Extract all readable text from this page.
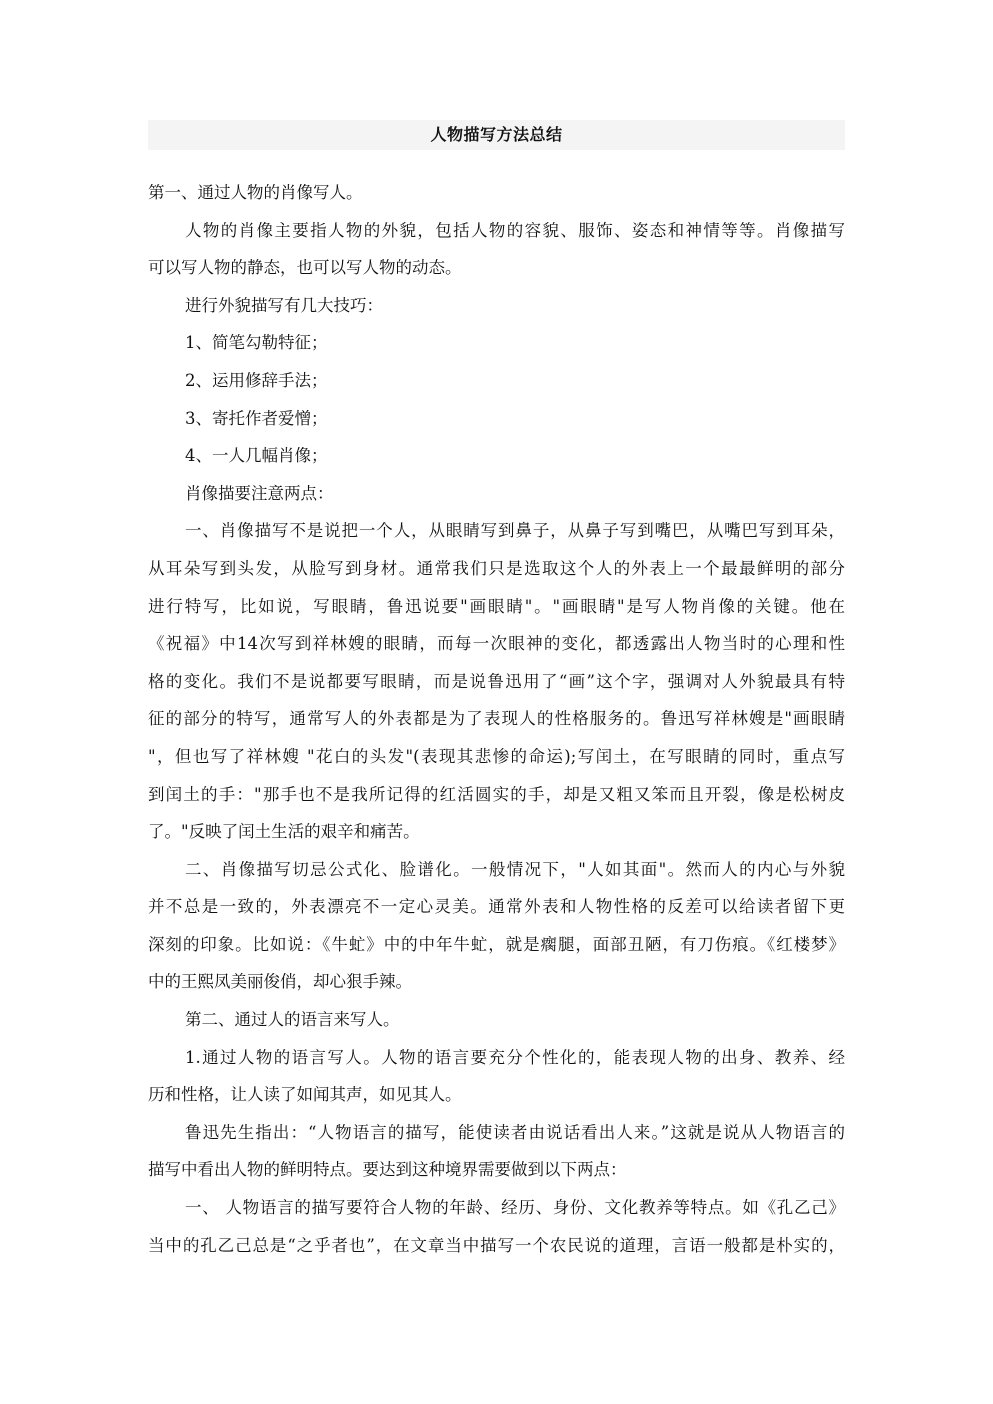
人物描写方法总结
第一、通过人物的肖像写人。
人物的肖像主要指人物的外貌，包括人物的容貌、服饰、姿态和神情等等。肖像描写
可以写人物的静态，也可以写人物的动态。
进行外貌描写有几大技巧：
1、简笔勾勒特征；
2、运用修辞手法；
3、寄托作者爱憎；
4、一人几幅肖像；
肖像描要注意两点：
一、肖像描写不是说把一个人，从眼睛写到鼻子，从鼻子写到嘴巴，从嘴巴写到耳朵，
从耳朵写到头发，从脸写到身材。通常我们只是选取这个人的外表上一个最最鲜明的部分
进行特写，比如说，写眼睛，鲁迅说要"画眼睛"。"画眼睛"是写人物肖像的关键。他在
《祝福》中14次写到祥林嫂的眼睛，而每一次眼神的变化，都透露出人物当时的心理和性
格的变化。我们不是说都要写眼睛，而是说鲁迅用了“画”这个字，强调对人外貌最具有特
征的部分的特写，通常写人的外表都是为了表现人的性格服务的。鲁迅写祥林嫂是"画眼睛
"，但也写了祥林嫂 "花白的头发"(表现其悲惨的命运);写闰土，在写眼睛的同时，重点写
到闰土的手："那手也不是我所记得的红活圆实的手，却是又粗又笨而且开裂，像是松树皮
了。"反映了闰土生活的艰辛和痛苦。
二、肖像描写切忌公式化、脸谱化。一般情况下，"人如其面"。然而人的内心与外貌
并不总是一致的，外表漂亮不一定心灵美。通常外表和人物性格的反差可以给读者留下更
深刻的印象。比如说：《牛虻》中的中年牛虻，就是瘸腿，面部丑陋，有刀伤痕。《红楼梦》
中的王熙凤美丽俊俏，却心狠手辣。
第二、通过人的语言来写人。
1.通过人物的语言写人。人物的语言要充分个性化的，能表现人物的出身、教养、经
历和性格，让人读了如闻其声，如见其人。
鲁迅先生指出：“人物语言的描写，能使读者由说话看出人来。”这就是说从人物语言的
描写中看出人物的鲜明特点。要达到这种境界需要做到以下两点：
一、 人物语言的描写要符合人物的年龄、经历、身份、文化教养等特点。如《孔乙己》
当中的孔乙己总是“之乎者也”，在文章当中描写一个农民说的道理，言语一般都是朴实的，
